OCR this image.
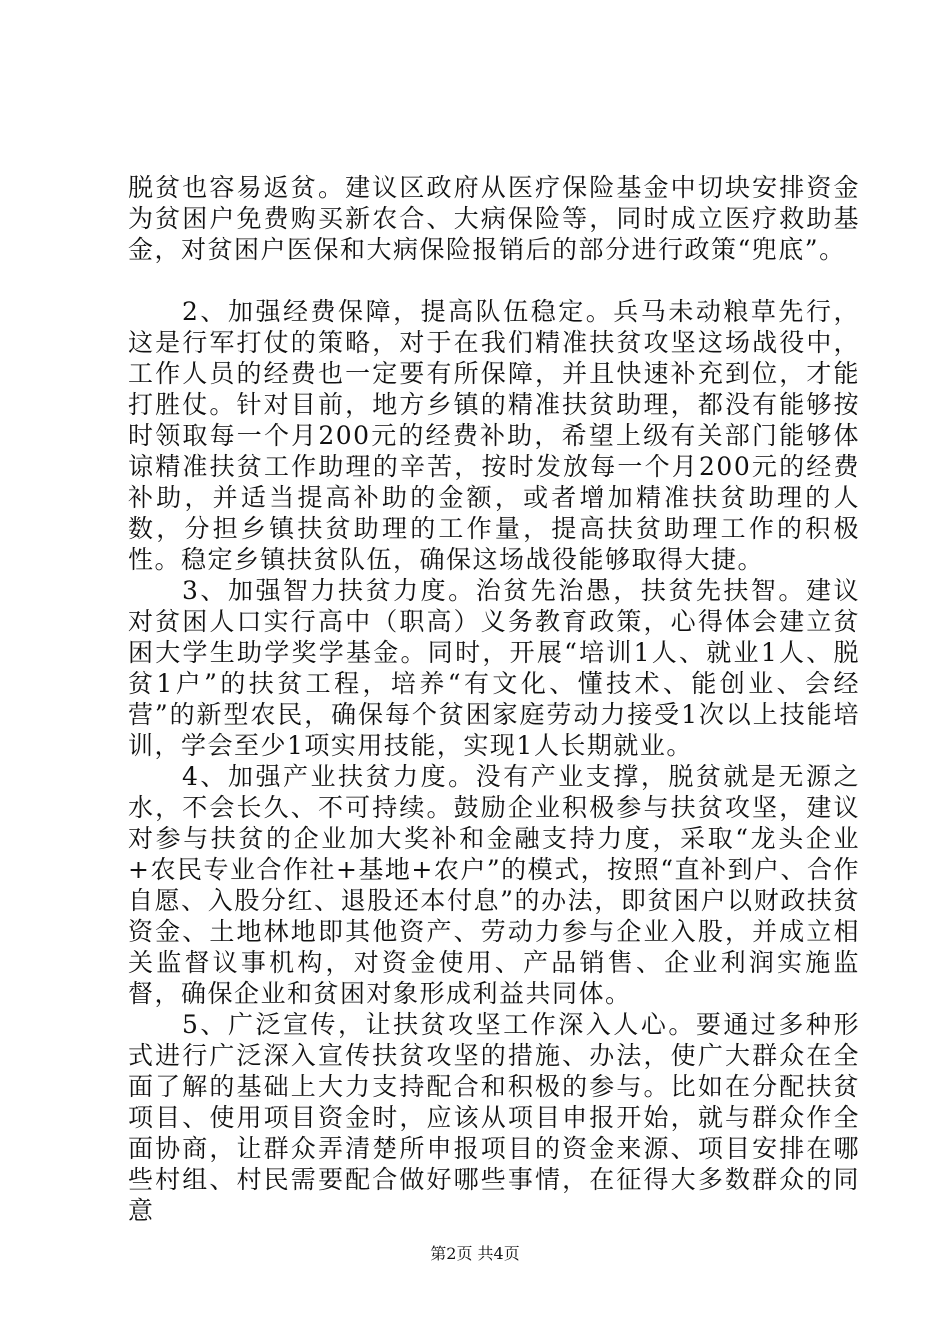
脱贫也容易返贫。建议区政府从医疗保险基金中切块安排资金为贫困户免费购买新农合、大病保险等，同时成立医疗救助基金，对贫困户医保和大病保险报销后的部分进行政策“兜底”。

2、加强经费保障，提高队伍稳定。兵马未动粮草先行，这是行军打仗的策略，对于在我们精准扶贫攻坚这场战役中，工作人员的经费也一定要有所保障，并且快速补充到位，才能打胜仗。针对目前，地方乡镇的精准扶贫助理，都没有能够按时领取每一个月200元的经费补助，希望上级有关部门能够体谅精准扶贫工作助理的辛苦，按时发放每一个月200元的经费补助，并适当提高补助的金额，或者增加精准扶贫助理的人数，分担乡镇扶贫助理的工作量，提高扶贫助理工作的积极性。稳定乡镇扶贫队伍，确保这场战役能够取得大捷。

3、加强智力扶贫力度。治贫先治愚，扶贫先扶智。建议对贫困人口实行高中（职高）义务教育政策，心得体会建立贫困大学生助学奖学基金。同时，开展“培训1人、就业1人、脱贫1户”的扶贫工程，培养“有文化、懂技术、能创业、会经营”的新型农民，确保每个贫困家庭劳动力接受1次以上技能培训，学会至少1项实用技能，实现1人长期就业。

4、加强产业扶贫力度。没有产业支撑，脱贫就是无源之水，不会长久、不可持续。鼓励企业积极参与扶贫攻坚，建议对参与扶贫的企业加大奖补和金融支持力度，采取“龙头企业+农民专业合作社+基地+农户”的模式，按照“直补到户、合作自愿、入股分红、退股还本付息”的办法，即贫困户以财政扶贫资金、土地林地即其他资产、劳动力参与企业入股，并成立相关监督议事机构，对资金使用、产品销售、企业利润实施监督，确保企业和贫困对象形成利益共同体。

5、广泛宣传，让扶贫攻坚工作深入人心。要通过多种形式进行广泛深入宣传扶贫攻坚的措施、办法，使广大群众在全面了解的基础上大力支持配合和积极的参与。比如在分配扶贫项目、使用项目资金时，应该从项目申报开始，就与群众作全面协商，让群众弄清楚所申报项目的资金来源、项目安排在哪些村组、村民需要配合做好哪些事情，在征得大多数群众的同意

第2页 共4页
